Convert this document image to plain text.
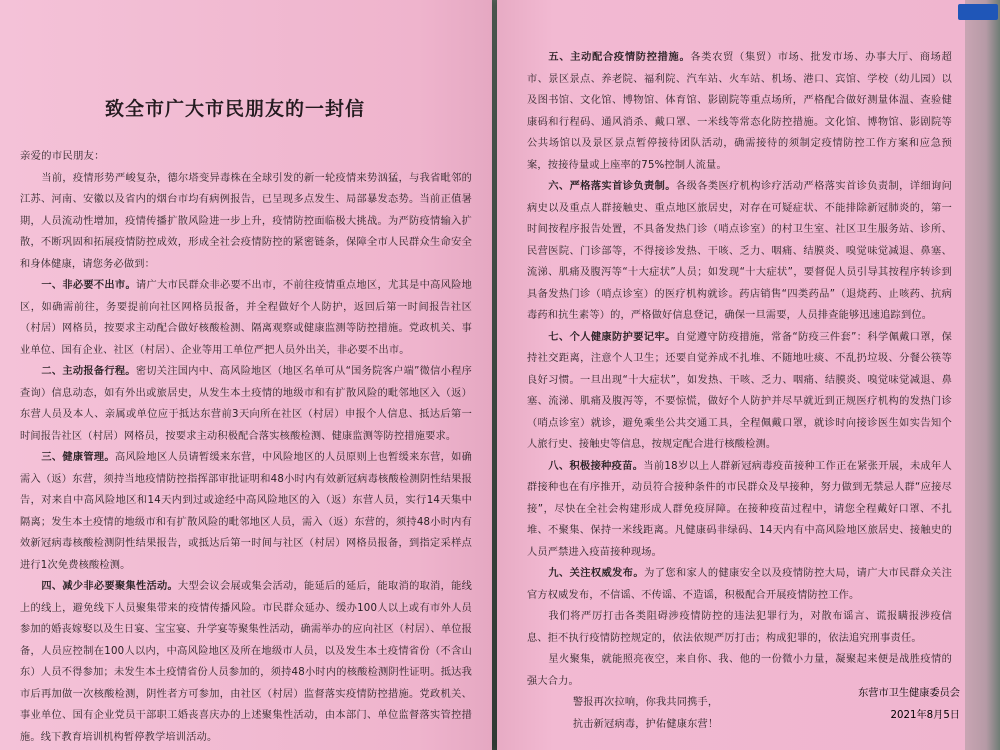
致全市广大市民朋友的一封信

亲爱的市民朋友：

当前，疫情形势严峻复杂，德尔塔变异毒株在全球引发的新一轮疫情来势汹猛，与我省毗邻的江苏、河南、安徽以及省内的烟台市均有病例报告，已呈现多点发生、局部暴发态势。当前正值暑期，人员流动性增加，疫情传播扩散风险进一步上升，疫情防控面临极大挑战。为严防疫情输入扩散，不断巩固和拓展疫情防控成效，形成全社会疫情防控的紧密链条，保障全市人民群众生命安全和身体健康，请您务必做到：

一、非必要不出市。请广大市民群众非必要不出市，不前往疫情重点地区，尤其是中高风险地区，如确需前往，务要提前向社区网格员报备，并全程做好个人防护，返回后第一时间报告社区（村居）网格员，按要求主动配合做好核酸检测、隔离观察或健康监测等防控措施。党政机关、事业单位、国有企业、社区（村居）、企业等用工单位严把人员外出关，非必要不出市。

二、主动报备行程。密切关注国内中、高风险地区（地区名单可从“国务院客户端”微信小程序查询）信息动态，如有外出或旅居史，从发生本土疫情的地级市和有扩散风险的毗邻地区入（返）东营人员及本人、亲属或单位应于抵达东营前3天向所在社区（村居）申报个人信息、抵达后第一时间报告社区（村居）网格员，按要求主动积极配合落实核酸检测、健康监测等防控措施要求。

三、健康管理。高风险地区人员请暂缓来东营，中风险地区的人员原则上也暂缓来东营，如确需入（返）东营，须持当地疫情防控指挥部审批证明和48小时内有效新冠病毒核酸检测阴性结果报告，对来自中高风险地区和14天内到过或途经中高风险地区的入（返）东营人员，实行14天集中隔离；发生本土疫情的地级市和有扩散风险的毗邻地区人员，需入（返）东营的，须持48小时内有效新冠病毒核酸检测阴性结果报告，或抵达后第一时间与社区（村居）网格员报备，到指定采样点进行1次免费核酸检测。

四、减少非必要聚集性活动。大型会议会展或集会活动，能延后的延后，能取消的取消，能线上的线上，避免线下人员聚集带来的疫情传播风险。市民群众延办、缓办100人以上或有市外人员参加的婚丧嫁娶以及生日宴、宝宝宴、升学宴等聚集性活动，确需举办的应向社区（村居）、单位报备，人员应控制在100人以内，中高风险地区及所在地级市人员，以及发生本土疫情省份（不含山东）人员不得参加；未发生本土疫情省份人员参加的，须持48小时内的核酸检测阴性证明。抵达我市后再加做一次核酸检测，阴性者方可参加，由社区（村居）监督落实疫情防控措施。党政机关、事业单位、国有企业党员干部职工婚丧喜庆办的上述聚集性活动，由本部门、单位监督落实管控措施。线下教育培训机构暂停教学培训活动。

五、主动配合疫情防控措施。各类农贸（集贸）市场、批发市场、办事大厅、商场超市、景区景点、养老院、福利院、汽车站、火车站、机场、港口、宾馆、学校（幼儿园）以及图书馆、文化馆、博物馆、体育馆、影剧院等重点场所，严格配合做好测量体温、查验健康码和行程码、通风消杀、戴口罩、一米线等常态化防控措施。文化馆、博物馆、影剧院等公共场馆以及景区景点暂停接待团队活动，确需接待的须制定疫情防控工作方案和应急预案，按接待量或上座率的75%控制人流量。

六、严格落实首诊负责制。各级各类医疗机构诊疗活动严格落实首诊负责制，详细询问病史以及重点人群接触史、重点地区旅居史，对存在可疑症状、不能排除新冠肺炎的，第一时间按程序报告处置，不具备发热门诊（哨点诊室）的村卫生室、社区卫生服务站、诊所、民营医院、门诊部等，不得接诊发热、干咳、乏力、咽痛、结膜炎、嗅觉味觉减退、鼻塞、流涕、肌痛及腹泻等“十大症状”人员；如发现“十大症状”，要督促人员引导其按程序转诊到具备发热门诊（哨点诊室）的医疗机构就诊。药店销售“四类药品”（退烧药、止咳药、抗病毒药和抗生素等）的，严格做好信息登记，确保一旦需要，人员排查能够迅速追踪到位。

七、个人健康防护要记牢。自觉遵守防疫措施，常备“防疫三件套”：科学佩戴口罩，保持社交距离，注意个人卫生；还要自觉养成不扎堆、不随地吐痰、不乱扔垃圾、分餐公筷等良好习惯。一旦出现“十大症状”，如发热、干咳、乏力、咽痛、结膜炎、嗅觉味觉减退、鼻塞、流涕、肌痛及腹泻等，不要惊慌，做好个人防护并尽早就近到正规医疗机构的发热门诊（哨点诊室）就诊，避免乘坐公共交通工具，全程佩戴口罩，就诊时向接诊医生如实告知个人旅行史、接触史等信息，按规定配合进行核酸检测。

八、积极接种疫苗。当前18岁以上人群新冠病毒疫苗接种工作正在紧张开展，未成年人群接种也在有序推开，动员符合接种条件的市民群众及早接种，努力做到无禁忌人群“应接尽接”，尽快在全社会构建形成人群免疫屏障。在接种疫苗过程中，请您全程戴好口罩、不扎堆、不聚集、保持一米线距离。凡健康码非绿码、14天内有中高风险地区旅居史、接触史的人员严禁进入疫苗接种现场。

九、关注权威发布。为了您和家人的健康安全以及疫情防控大局，请广大市民群众关注官方权威发布，不信谣、不传谣、不造谣，积极配合开展疫情防控工作。

我们将严厉打击各类阻碍涉疫情防控的违法犯罪行为，对散布谣言、谎报瞒报涉疫信息、拒不执行疫情防控规定的，依法依规严厉打击；构成犯罪的，依法追究刑事责任。

星火聚集，就能照亮夜空，来自你、我、他的一份微小力量，凝聚起来便是战胜疫情的强大合力。

警报再次拉响，你我共同携手，

抗击新冠病毒，护佑健康东营！

东营市卫生健康委员会
2021年8月5日
